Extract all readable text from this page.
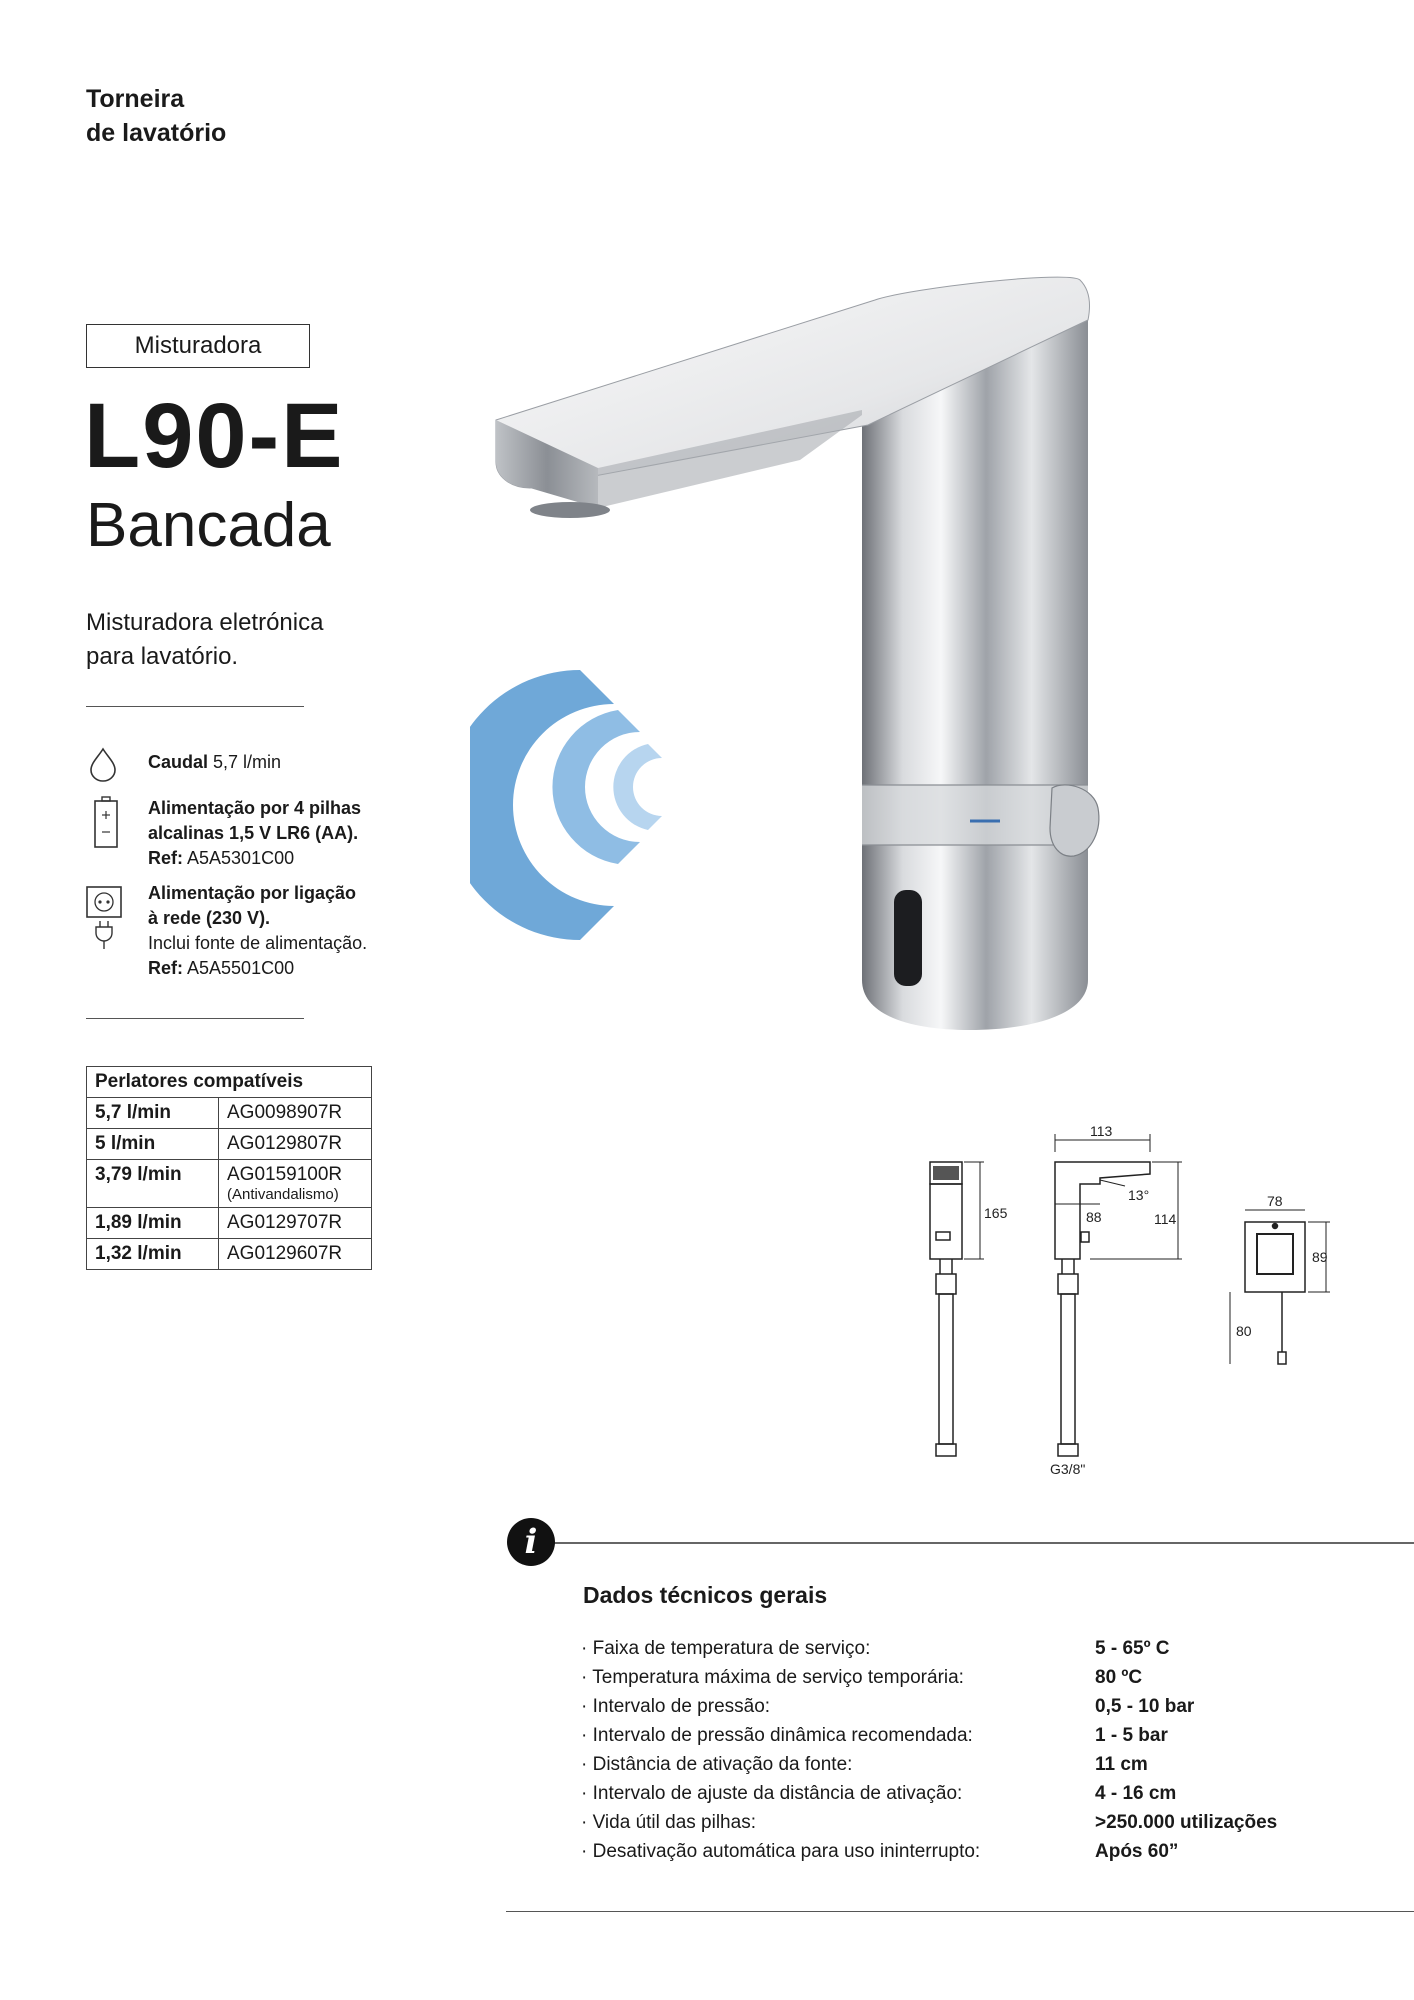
Torneira
de lavatório
Misturadora
L90-E
Bancada
Misturadora eletrónica
para lavatório.
Caudal 5,7 l/min
Alimentação por 4 pilhas
alcalinas 1,5 V LR6 (AA).
Ref: A5A5301C00
Alimentação por ligação
à rede (230 V).
Inclui fonte de alimentação.
Ref: A5A5501C00
Perlatores compatíveis	
5,7 l/min	AG0098907R
5 l/min	AG0129807R
3,79 l/min	AG0159100R
(Antivandalismo)

1,89 l/min	AG0129707R
1,32 l/min	AG0129607R
165
113
13°
88	114
G3/8"
78
89
80
i
Dados técnicos gerais
· Faixa de temperatura de serviço:	5 - 65º C
· Temperatura máxima de serviço temporária:	80 ºC
· Intervalo de pressão:	0,5 - 10 bar
· Intervalo de pressão dinâmica recomendada:	1 - 5 bar
· Distância de ativação da fonte:	11 cm
· Intervalo de ajuste da distância de ativação:	4 - 16 cm
· Vida útil das pilhas:	>250.000 utilizações
· Desativação automática para uso ininterrupto:	Após 60”
